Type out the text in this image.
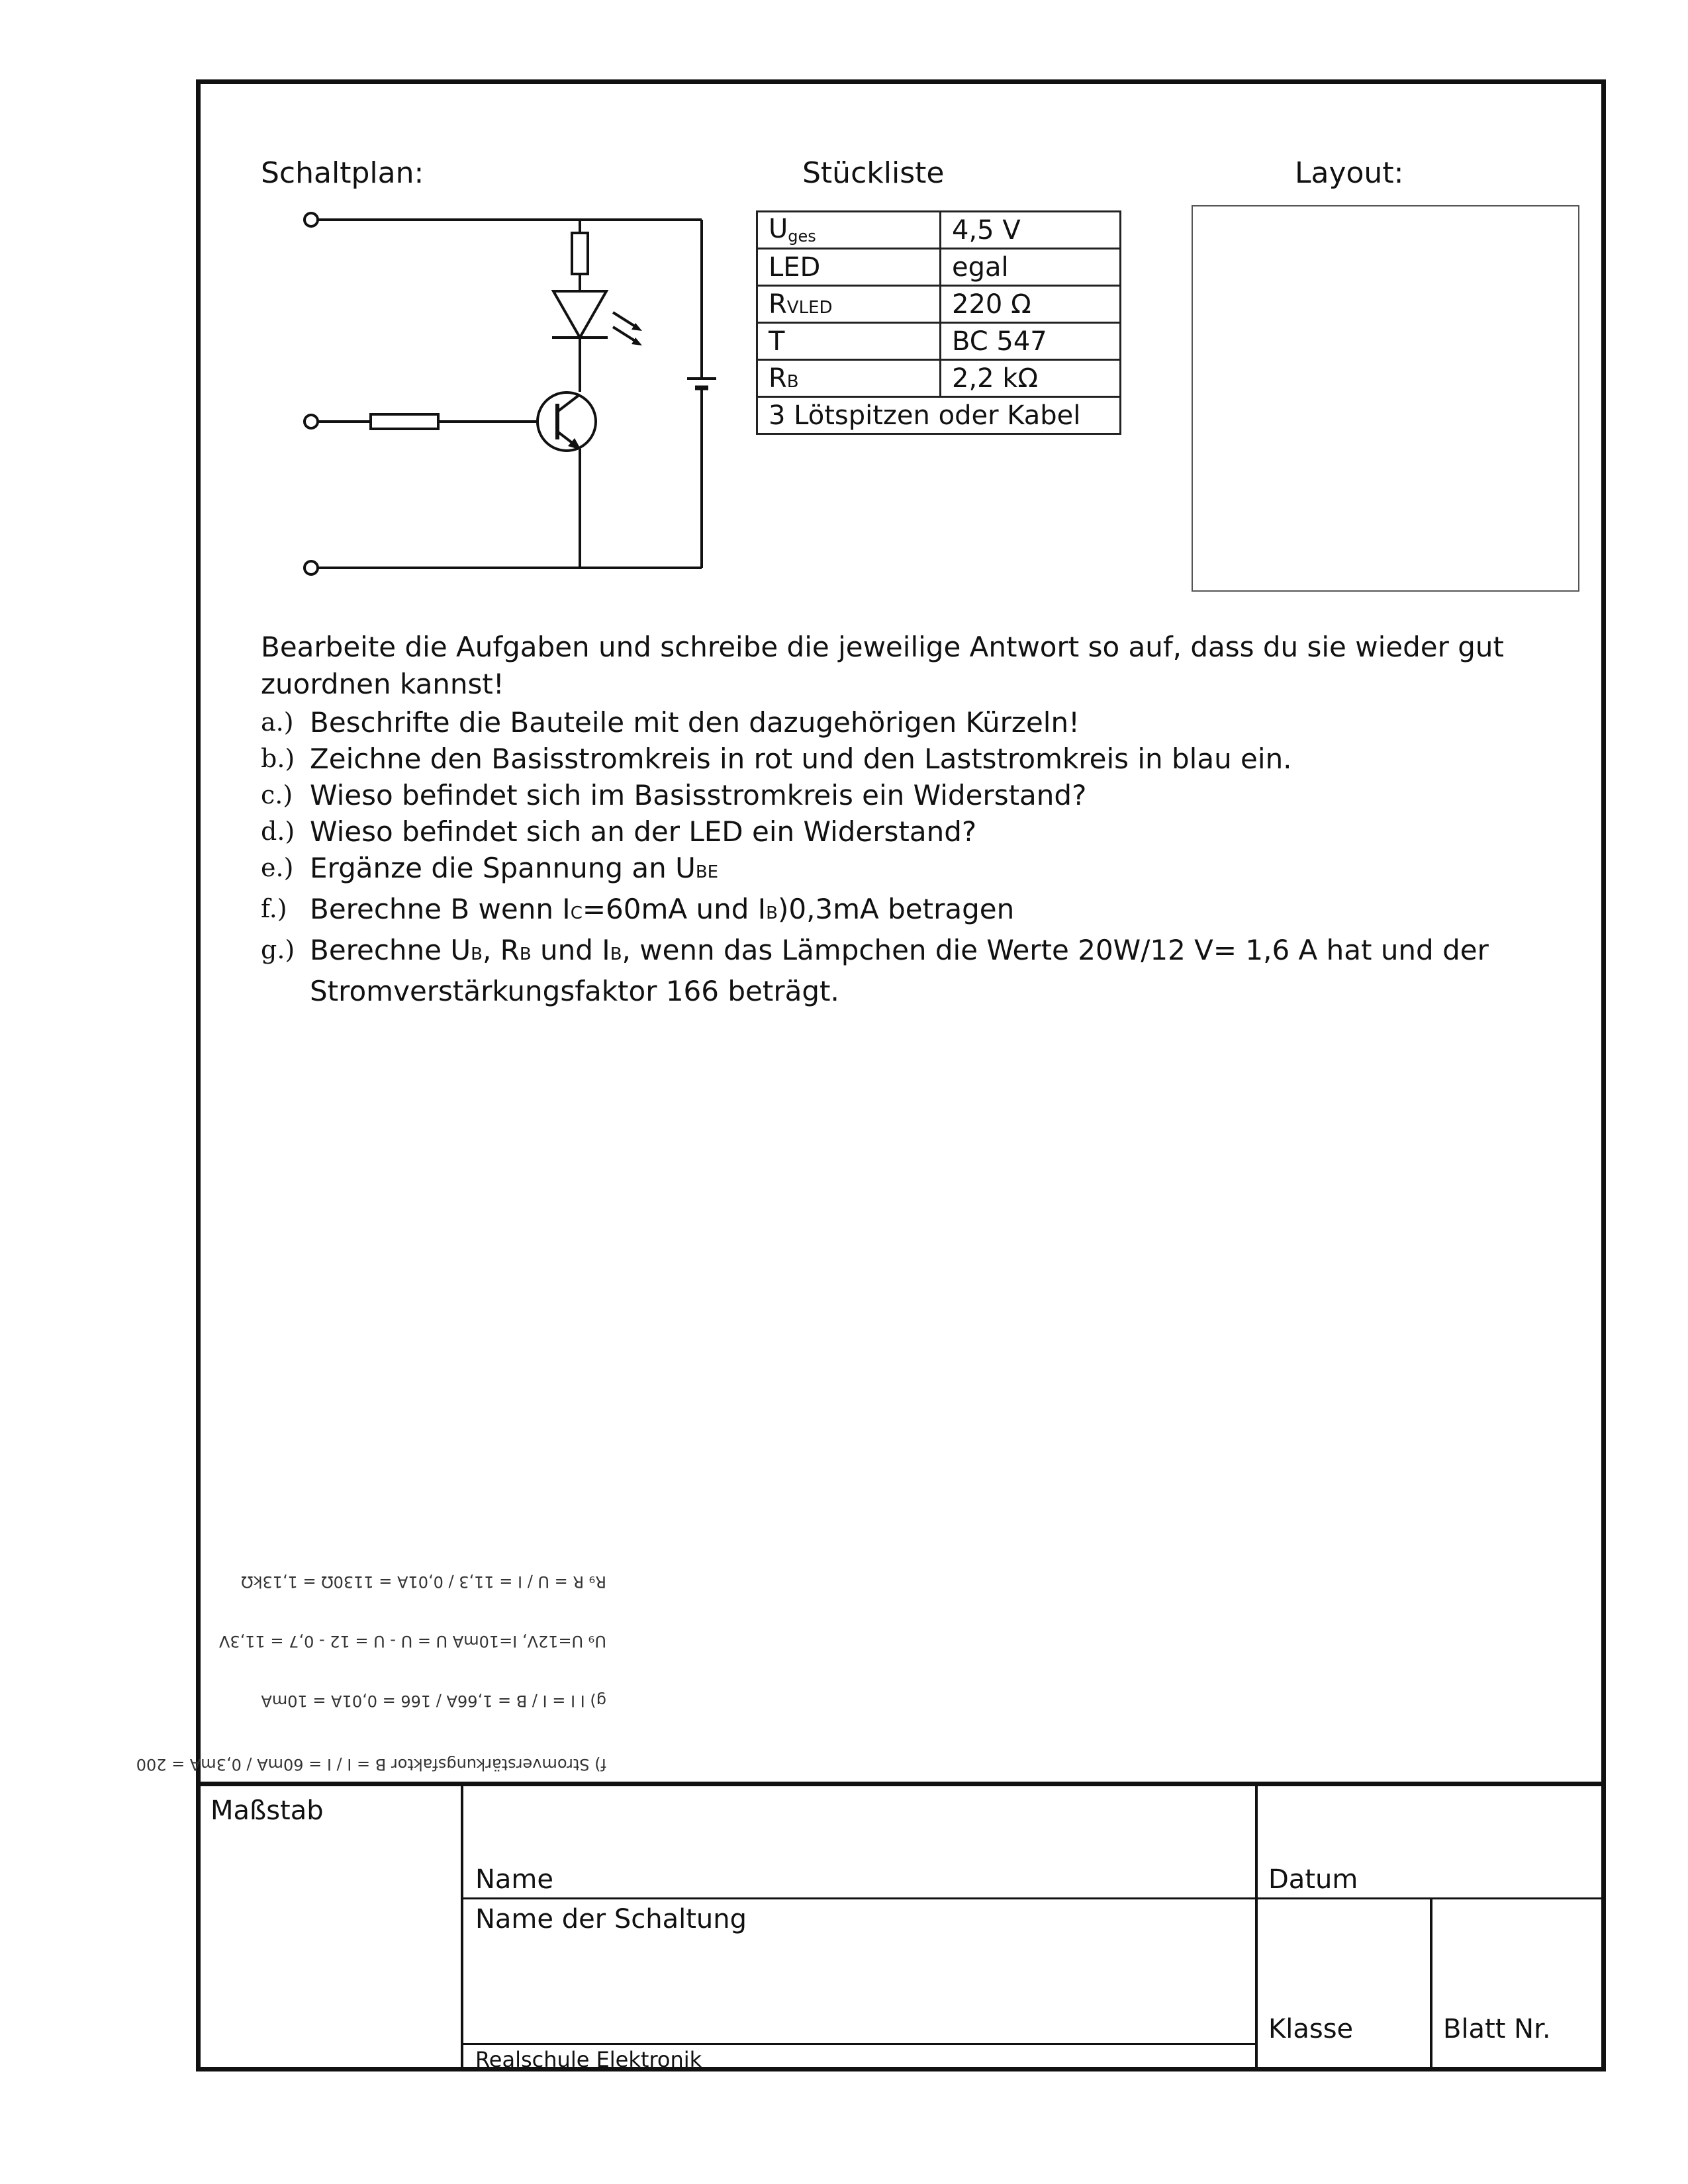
Schaltplan:	Stückliste	Layout:
$U_{ges}$	4,5 V
LED	egal
RVLED	220 Ω
T	BC 547
RB	2,2 kΩ
3 Lötspitzen oder Kabel	
Bearbeite die Aufgaben und schreibe die jeweilige Antwort so auf, dass du sie wieder gut zuordnen kannst!
a.) Beschrifte die Bauteile mit den dazugehörigen Kürzeln!
b.) Zeichne den Basisstromkreis in rot und den Laststromkreis in blau ein.
c.) Wieso befindet sich im Basisstromkreis ein Widerstand?
d.) Wieso befindet sich an der LED ein Widerstand?
e.) Ergänze die Spannung an UBE
f.) Berechne B wenn IC=60mA und IB)0,3mA betragen
g.) Berechne UB, RB und IB, wenn das Lämpchen die Werte 20W/12 V= 1,6 A hat und der Stromverstärkungsfaktor 166 beträgt.
f) Stromverstärkungsfaktor B = I / I = 60mA / 0,3mA = 200
g) I I = I / B = 1,66A / 166 = 0,01A = 10mA
U₉ U=12V, I=10mA U = U - U = 12 - 0,7 = 11,3V
R₉ R = U / I = 11,3 / 0,01A = 1130Ω = 1,13kΩ
Maßstab
Name	Datum
Name der Schaltung
Klasse	Blatt Nr.
Realschule Elektronik
